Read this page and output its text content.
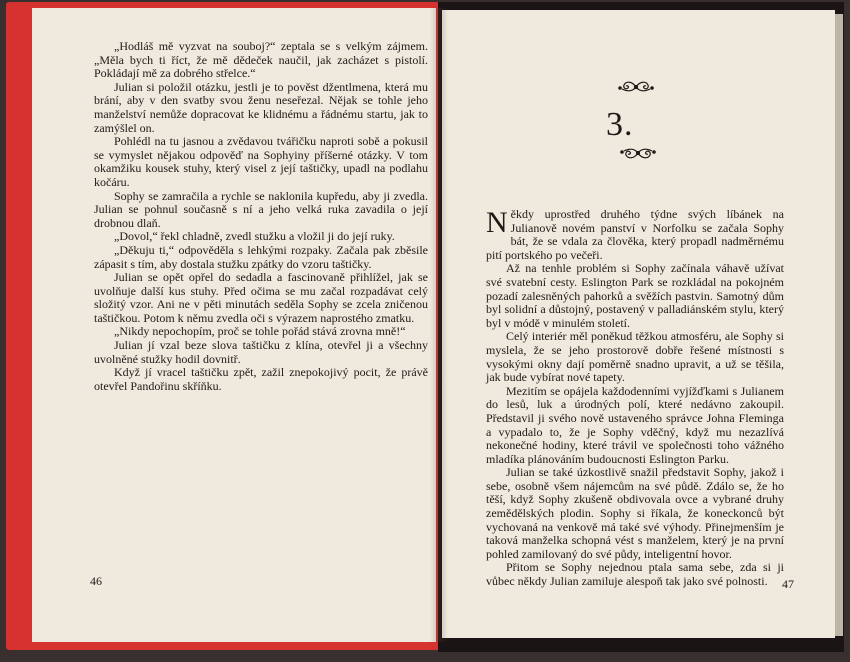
„Hodláš mě vyzvat na souboj?“ zeptala se s velkým zájmem. „Měla bych ti říct, že mě dědeček naučil, jak zacházet s pistolí. Pokládají mě za dobrého střelce.“

Julian si položil otázku, jestli je to pověst džentlmena, která mu brání, aby v den svatby svou ženu neseřezal. Nějak se tohle jeho manželství nemůže dopracovat ke klidnému a řádnému startu, jak to zamýšlel on.

Pohlédl na tu jasnou a zvědavou tvářičku naproti sobě a pokusil se vymyslet nějakou odpověď na Sophyiny příšerné otázky. V tom okamžiku kousek stuhy, který visel z její taštičky, upadl na podlahu kočáru.

Sophy se zamračila a rychle se naklonila kupředu, aby ji zvedla. Julian se pohnul současně s ní a jeho velká ruka zavadila o její drobnou dlaň.

„Dovol,“ řekl chladně, zvedl stužku a vložil ji do její ruky.

„Děkuju ti,“ odpověděla s lehkými rozpaky. Začala pak zběsile zápasit s tím, aby dostala stužku zpátky do vzoru taštičky.

Julian se opět opřel do sedadla a fascinovaně přihlížel, jak se uvolňuje další kus stuhy. Před očima se mu začal rozpadávat celý složitý vzor. Ani ne v pěti minutách seděla Sophy se zcela zničenou taštičkou. Potom k němu zvedla oči s výrazem naprostého zmatku.

„Nikdy nepochopím, proč se tohle pořád stává zrovna mně!“

Julian jí vzal beze slova taštičku z klína, otevřel ji a všechny uvolněné stužky hodil dovnitř.

Když jí vracel taštičku zpět, zažil znepokojivý pocit, že právě otevřel Pandořinu skříňku.

46
3.

Někdy uprostřed druhého týdne svých líbánek na Julianově novém panství v Norfolku se začala Sophy bát, že se vdala za člověka, který propadl nadměrnému pití portského po večeři.

Až na tenhle problém si Sophy začínala váhavě užívat své svatební cesty. Eslington Park se rozkládal na pokojném pozadí zalesněných pahorků a svěžích pastvin. Samotný dům byl solidní a důstojný, postavený v palladiánském stylu, který byl v módě v minulém století.

Celý interiér měl poněkud těžkou atmosféru, ale Sophy si myslela, že se jeho prostorově dobře řešené místnosti s vysokými okny dají poměrně snadno upravit, a už se těšila, jak bude vybírat nové tapety.

Mezitím se opájela každodenními vyjížďkami s Julianem do lesů, luk a úrodných polí, které nedávno zakoupil. Představil ji svého nově ustaveného správce Johna Fleminga a vypadalo to, že je Sophy vděčný, když mu nezazlívá nekonečné hodiny, které trávil ve společnosti toho vážného mladíka plánováním budoucnosti Eslington Parku.

Julian se také úzkostlivě snažil představit Sophy, jakož i sebe, osobně všem nájemcům na své půdě. Zdálo se, že ho těší, když Sophy zkušeně obdivovala ovce a vybrané druhy zemědělských plodin. Sophy si říkala, že koneckonců být vychovaná na venkově má také své výhody. Přinejmenším je taková manželka schopná vést s manželem, který je na první pohled zamilovaný do své půdy, inteligentní hovor.

Přitom se Sophy nejednou ptala sama sebe, zda si ji vůbec někdy Julian zamiluje alespoň tak jako své polnosti.	47
